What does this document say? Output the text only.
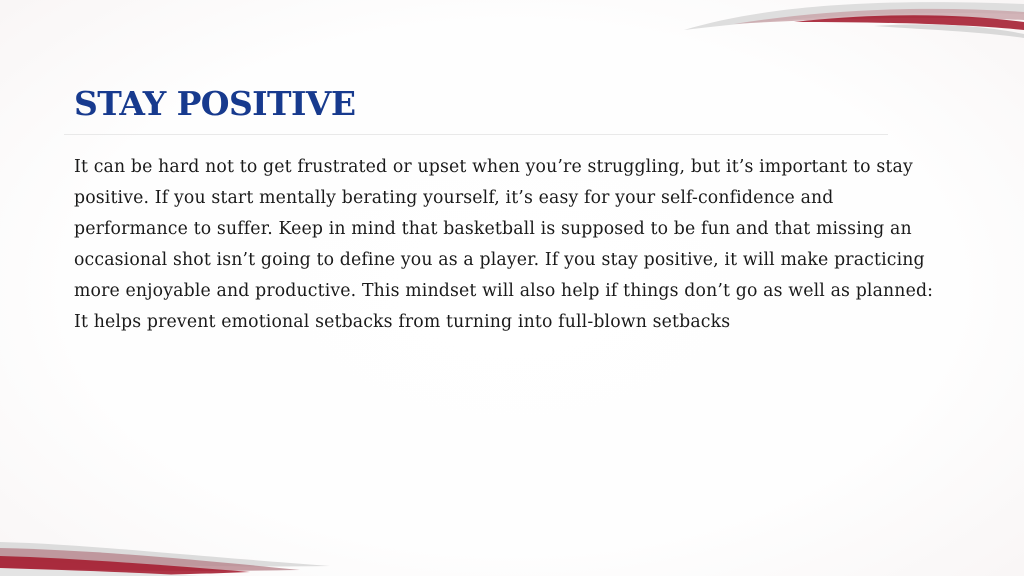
STAY POSITIVE

It can be hard not to get frustrated or upset when you’re struggling, but it’s important to stay positive. If you start mentally berating yourself, it’s easy for your self-confidence and performance to suffer. Keep in mind that basketball is supposed to be fun and that missing an occasional shot isn’t going to define you as a player. If you stay positive, it will make practicing more enjoyable and productive. This mindset will also help if things don’t go as well as planned: It helps prevent emotional setbacks from turning into full-blown setbacks
